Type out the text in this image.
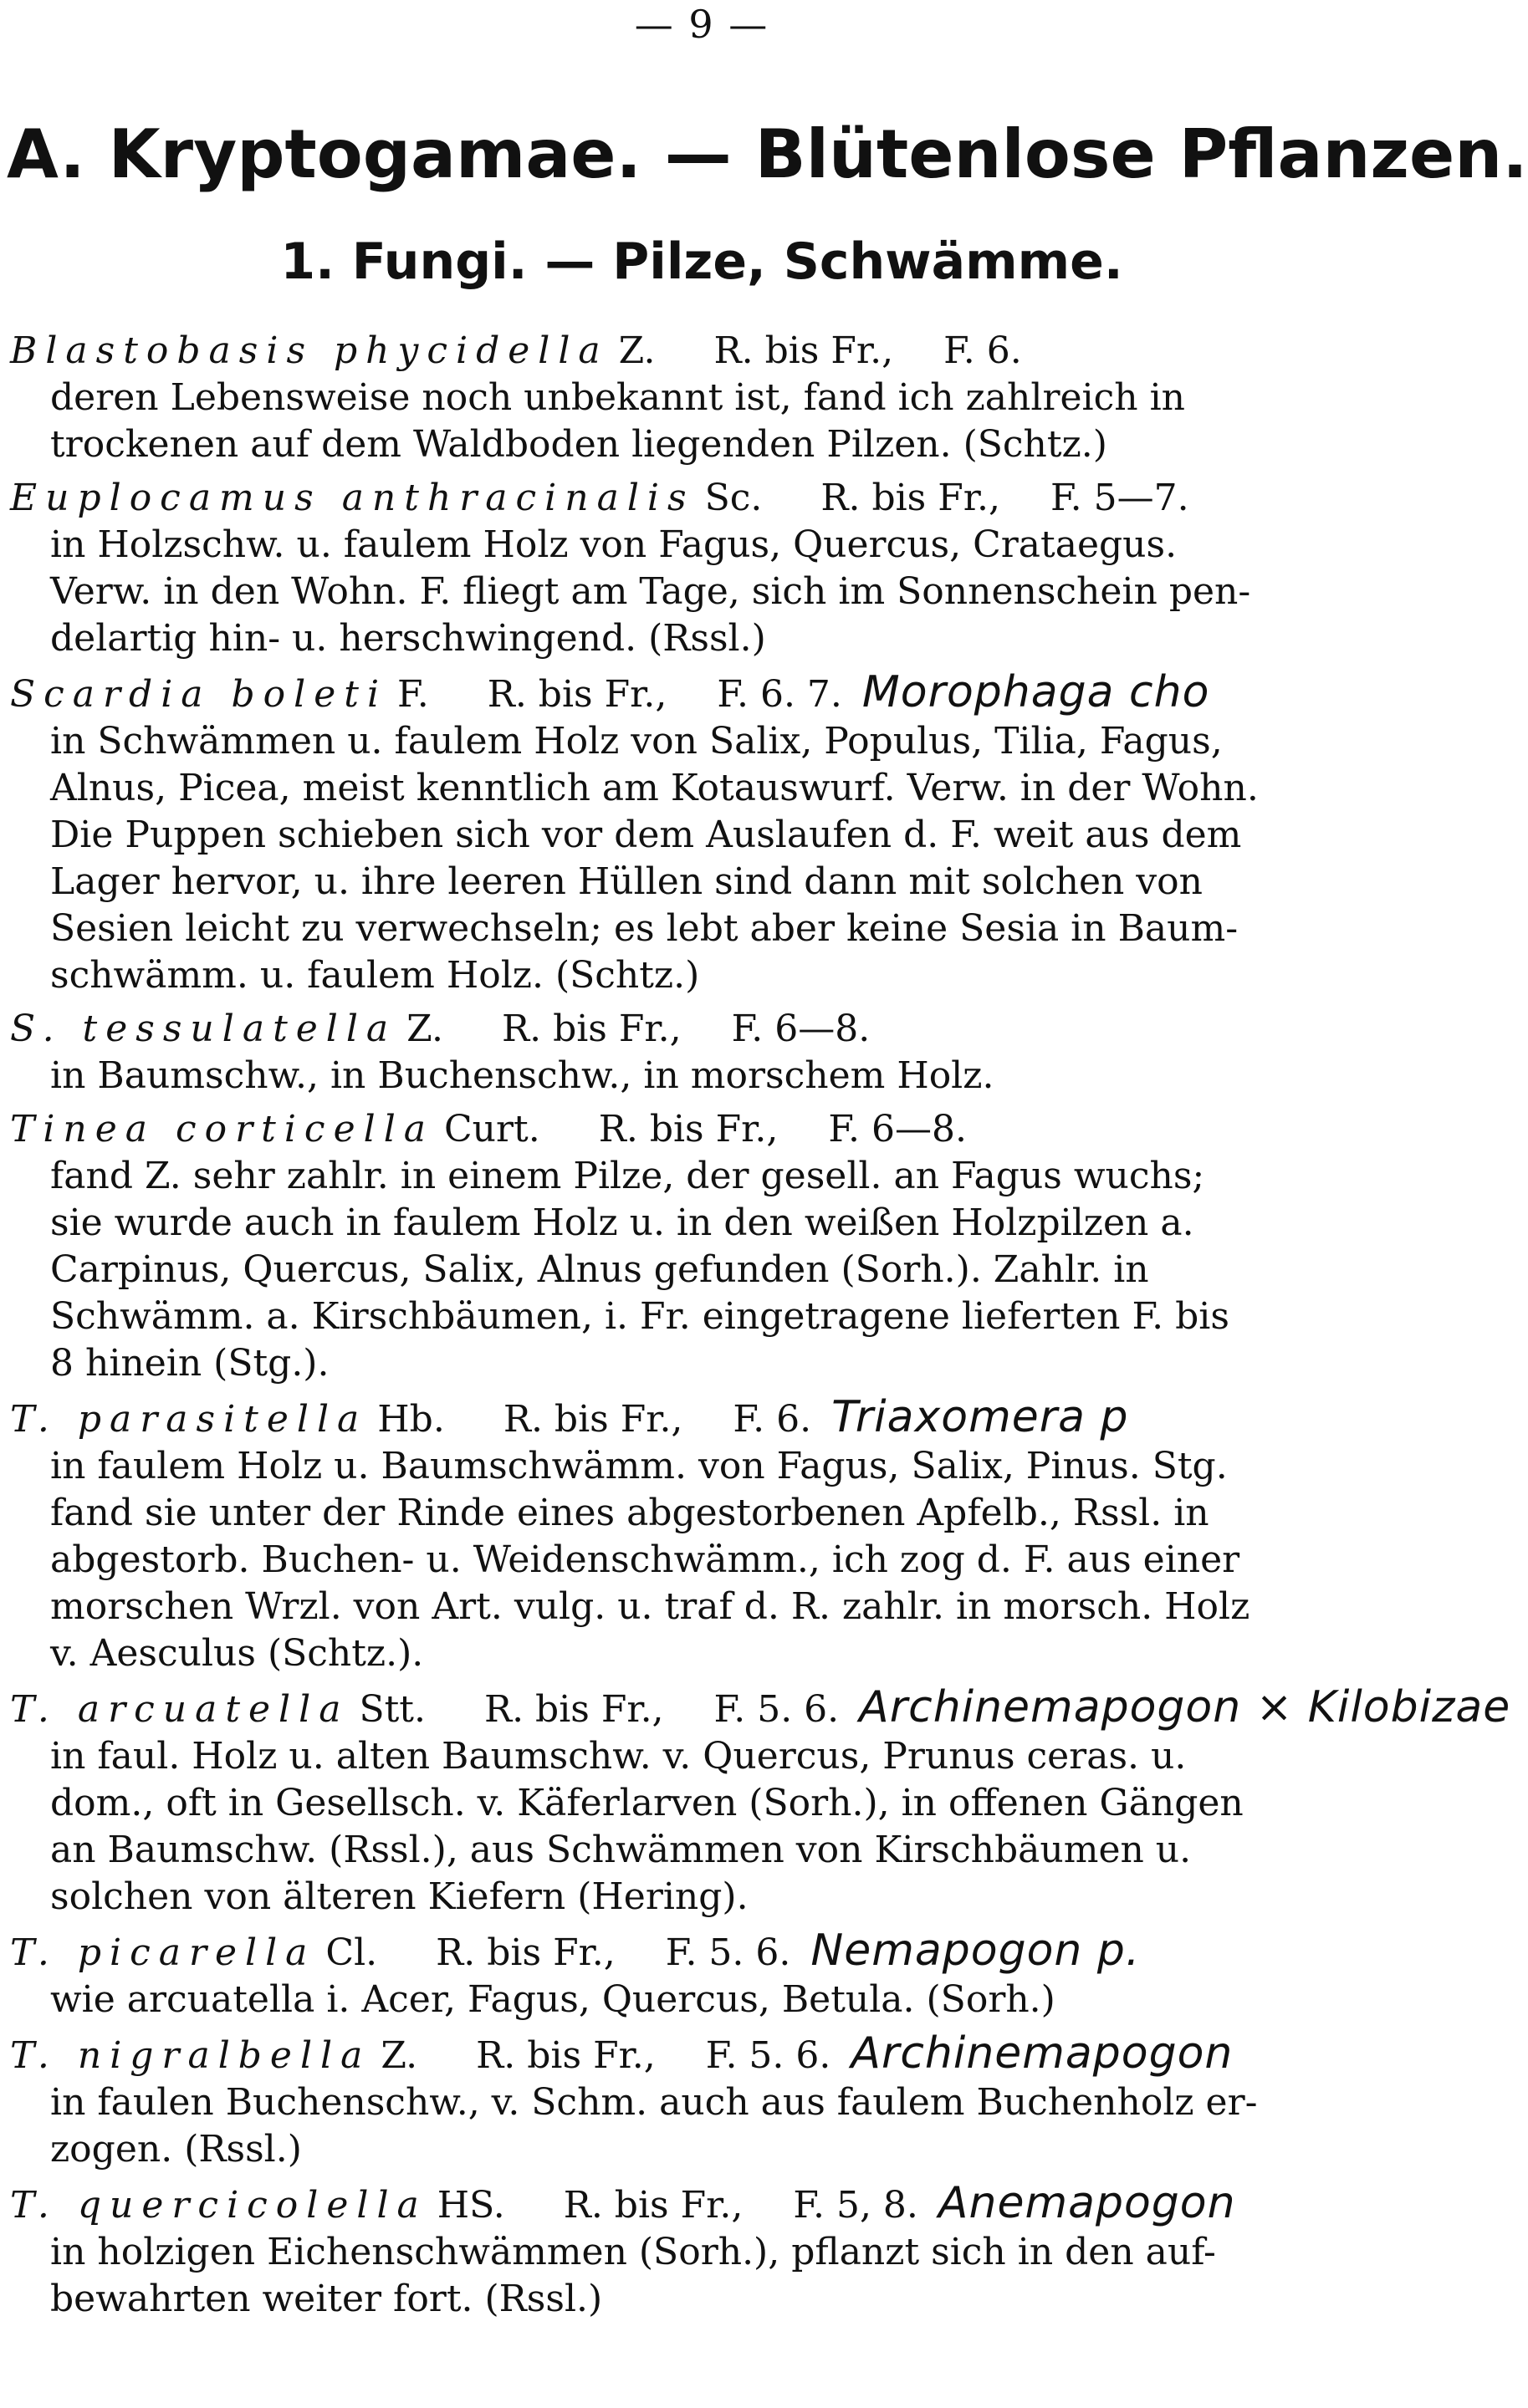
— 9 —
A. Kryptogamae. — Blütenlose Pflanzen.
1. Fungi. — Pilze, Schwämme.
Blastobasis phycidella Z. R. bis Fr., F. 6.
deren Lebensweise noch unbekannt ist, fand ich zahlreich in
trockenen auf dem Waldboden liegenden Pilzen. (Schtz.)
Euplocamus anthracinalis Sc. R. bis Fr., F. 5—7.
in Holzschw. u. faulem Holz von Fagus, Quercus, Crataegus.
Verw. in den Wohn. F. fliegt am Tage, sich im Sonnenschein pen-
delartig hin- u. herschwingend. (Rssl.)
Scardia boleti F. R. bis Fr., F. 6. 7. Morophaga cho
in Schwämmen u. faulem Holz von Salix, Populus, Tilia, Fagus,
Alnus, Picea, meist kenntlich am Kotauswurf. Verw. in der Wohn.
Die Puppen schieben sich vor dem Auslaufen d. F. weit aus dem
Lager hervor, u. ihre leeren Hüllen sind dann mit solchen von
Sesien leicht zu verwechseln; es lebt aber keine Sesia in Baum-
schwämm. u. faulem Holz. (Schtz.)
S. tessulatella Z. R. bis Fr., F. 6—8.
in Baumschw., in Buchenschw., in morschem Holz.
Tinea corticella Curt. R. bis Fr., F. 6—8.
fand Z. sehr zahlr. in einem Pilze, der gesell. an Fagus wuchs;
sie wurde auch in faulem Holz u. in den weißen Holzpilzen a.
Carpinus, Quercus, Salix, Alnus gefunden (Sorh.). Zahlr. in
Schwämm. a. Kirschbäumen, i. Fr. eingetragene lieferten F. bis
8 hinein (Stg.).
T. parasitella Hb. R. bis Fr., F. 6. Triaxomera p
in faulem Holz u. Baumschwämm. von Fagus, Salix, Pinus. Stg.
fand sie unter der Rinde eines abgestorbenen Apfelb., Rssl. in
abgestorb. Buchen- u. Weidenschwämm., ich zog d. F. aus einer
morschen Wrzl. von Art. vulg. u. traf d. R. zahlr. in morsch. Holz
v. Aesculus (Schtz.).
T. arcuatella Stt. R. bis Fr., F. 5. 6. Archinemapogon × Kilobizae
in faul. Holz u. alten Baumschw. v. Quercus, Prunus ceras. u.
dom., oft in Gesellsch. v. Käferlarven (Sorh.), in offenen Gängen
an Baumschw. (Rssl.), aus Schwämmen von Kirschbäumen u.
solchen von älteren Kiefern (Hering).
T. picarella Cl. R. bis Fr., F. 5. 6. Nemapogon p.
wie arcuatella i. Acer, Fagus, Quercus, Betula. (Sorh.)
T. nigralbella Z. R. bis Fr., F. 5. 6. Archinemapogon
in faulen Buchenschw., v. Schm. auch aus faulem Buchenholz er-
zogen. (Rssl.)
T. quercicolella HS. R. bis Fr., F. 5, 8. Anemapogon
in holzigen Eichenschwämmen (Sorh.), pflanzt sich in den auf-
bewahrten weiter fort. (Rssl.)
